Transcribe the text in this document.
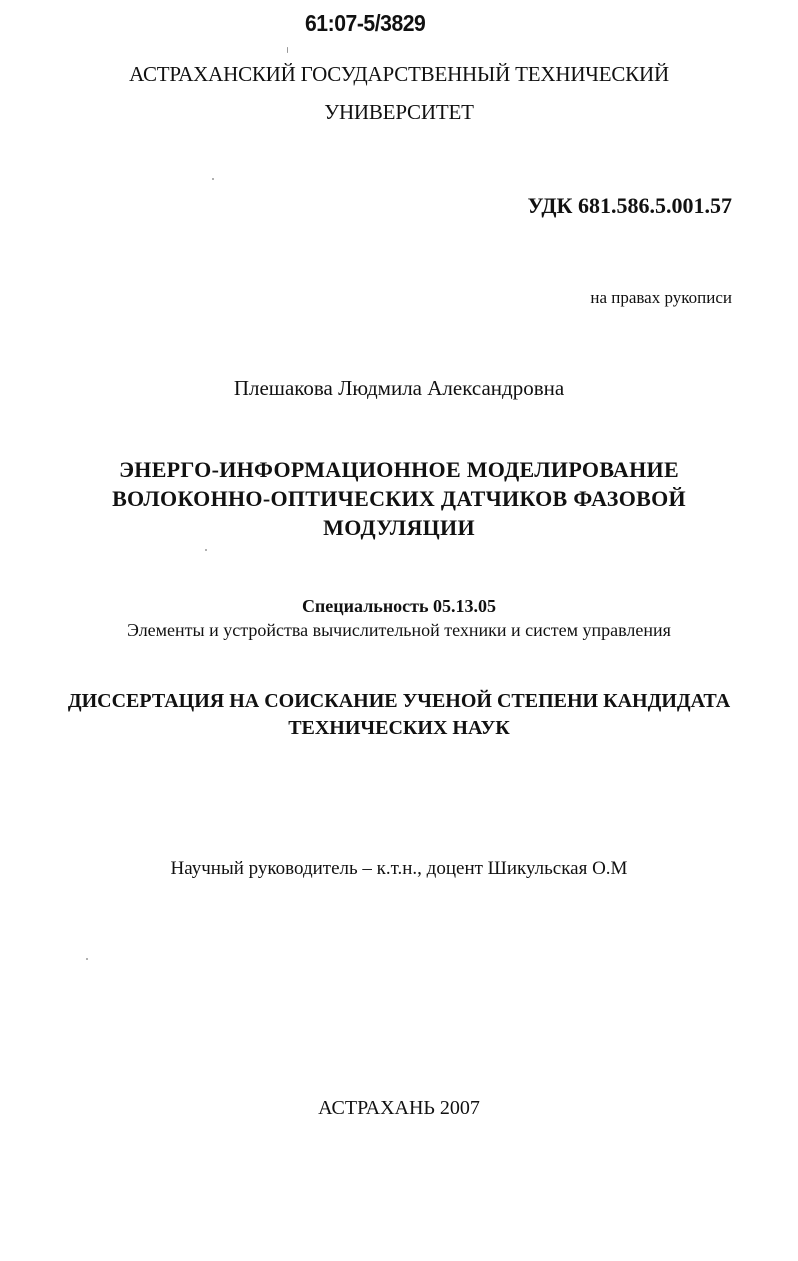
61:07-5/3829
АСТРАХАНСКИЙ ГОСУДАРСТВЕННЫЙ ТЕХНИЧЕСКИЙ
УНИВЕРСИТЕТ
УДК 681.586.5.001.57
на правах рукописи
Плешакова Людмила Александровна
ЭНЕРГО-ИНФОРМАЦИОННОЕ МОДЕЛИРОВАНИЕ
ВОЛОКОННО-ОПТИЧЕСКИХ ДАТЧИКОВ ФАЗОВОЙ
МОДУЛЯЦИИ
Специальность 05.13.05
Элементы и устройства вычислительной техники и систем управления
ДИССЕРТАЦИЯ НА СОИСКАНИЕ УЧЕНОЙ СТЕПЕНИ КАНДИДАТА
ТЕХНИЧЕСКИХ НАУК
Научный руководитель – к.т.н., доцент Шикульская О.М
АСТРАХАНЬ 2007
